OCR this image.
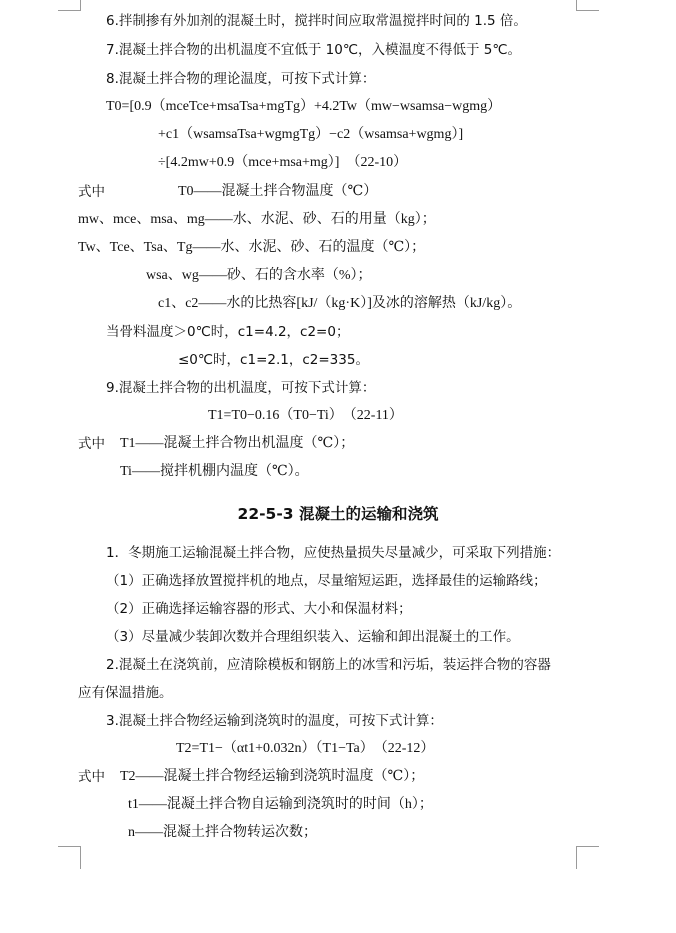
6.拌制掺有外加剂的混凝土时，搅拌时间应取常温搅拌时间的 1.5 倍。
7.混凝土拌合物的出机温度不宜低于 10℃，入模温度不得低于 5℃。
8.混凝土拌合物的理论温度，可按下式计算：
T0=[0.9（mceTce+msaTsa+mgTg）+4.2Tw（mw−wsamsa−wgmg）
+c1（wsamsaTsa+wgmgTg）−c2（wsamsa+wgmg）]
÷[4.2mw+0.9（mce+msa+mg）]　（22-10）
式中	T0——混凝土拌合物温度（℃）
mw、mce、msa、mg——水、水泥、砂、石的用量（kg）；
Tw、Tce、Tsa、Tg——水、水泥、砂、石的温度（℃）；
wsa、wg——砂、石的含水率（%）；
c1、c2——水的比热容[kJ/（kg·K）]及冰的溶解热（kJ/kg）。
当骨料温度＞0℃时，c1=4.2，c2=0；
≤0℃时，c1=2.1，c2=335。
9.混凝土拌合物的出机温度，可按下式计算：
T1=T0−0.16（T0−Ti）　（22-11）
式中 T1——混凝土拌合物出机温度（℃）；
Ti——搅拌机棚内温度（℃）。
22-5-3 混凝土的运输和浇筑
1．冬期施工运输混凝土拌合物，应使热量损失尽量减少，可采取下列措施：
（1）正确选择放置搅拌机的地点，尽量缩短运距，选择最佳的运输路线；
（2）正确选择运输容器的形式、大小和保温材料；
（3）尽量减少装卸次数并合理组织装入、运输和卸出混凝土的工作。
2.混凝土在浇筑前，应清除模板和钢筋上的冰雪和污垢，装运拌合物的容器
应有保温措施。
3.混凝土拌合物经运输到浇筑时的温度，可按下式计算：
T2=T1−（αt1+0.032n）（T1−Ta）　（22-12）
式中 T2——混凝土拌合物经运输到浇筑时温度（℃）；
t1——混凝土拌合物自运输到浇筑时的时间（h）；
n——混凝土拌合物转运次数；
